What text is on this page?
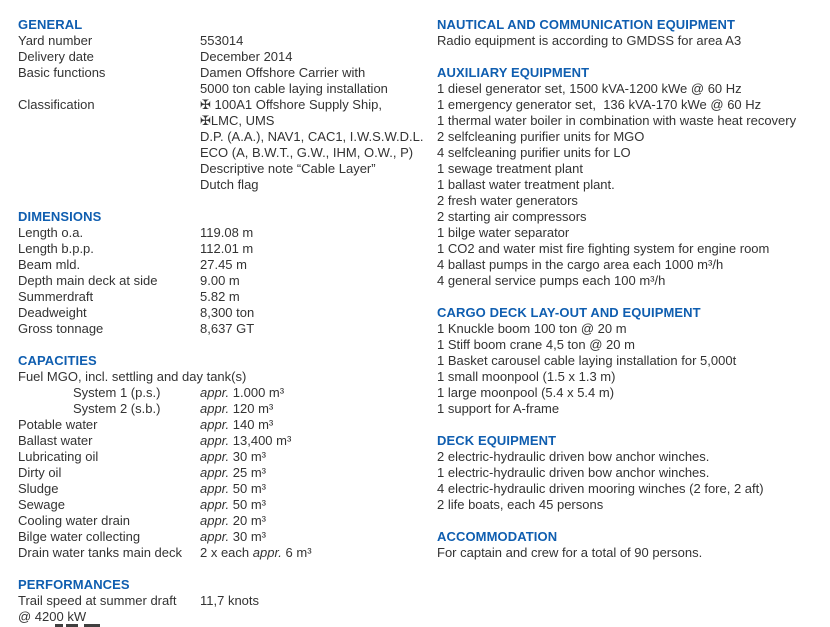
GENERAL
Yard number	553014
Delivery date	December 2014
Basic functions	Damen Offshore Carrier with
5000 ton cable laying installation
Classification	✠ 100A1 Offshore Supply Ship,
✠LMC, UMS
D.P. (A.A.), NAV1, CAC1, I.W.S.W.D.L.
ECO (A, B.W.T., G.W., IHM, O.W., P)
Descriptive note “Cable Layer”
Dutch flag
DIMENSIONS
Length o.a.	119.08 m
Length b.p.p.	112.01 m
Beam mld.	27.45 m
Depth main deck at side	9.00 m
Summerdraft	5.82 m
Deadweight	8,300 ton
Gross tonnage	8,637 GT
CAPACITIES
Fuel MGO, incl. settling and day tank(s)
System 1 (p.s.)	appr. 1.000 m³
System 2 (s.b.)	appr. 120 m³
Potable water	appr. 140 m³
Ballast water	appr. 13,400 m³
Lubricating oil	appr. 30 m³
Dirty oil	appr. 25 m³
Sludge	appr. 50 m³
Sewage	appr. 50 m³
Cooling water drain	appr. 20 m³
Bilge water collecting	appr. 30 m³
Drain water tanks main deck	2 x each appr. 6 m³
PERFORMANCES
Trail speed at summer draft	11,7 knots
@ 4200 kW
NAUTICAL AND COMMUNICATION EQUIPMENT
Radio equipment is according to GMDSS for area A3
AUXILIARY EQUIPMENT
1 diesel generator set, 1500 kVA-1200 kWe @ 60 Hz
1 emergency generator set,  136 kVA-170 kWe @ 60 Hz
1 thermal water boiler in combination with waste heat recovery
2 selfcleaning purifier units for MGO
4 selfcleaning purifier units for LO
1 sewage treatment plant
1 ballast water treatment plant.
2 fresh water generators
2 starting air compressors
1 bilge water separator
1 CO2 and water mist fire fighting system for engine room
4 ballast pumps in the cargo area each 1000 m³/h
4 general service pumps each 100 m³/h
CARGO DECK LAY-OUT AND EQUIPMENT
1 Knuckle boom 100 ton @ 20 m
1 Stiff boom crane 4,5 ton @ 20 m
1 Basket carousel cable laying installation for 5,000t
1 small moonpool (1.5 x 1.3 m)
1 large moonpool (5.4 x 5.4 m)
1 support for A-frame
DECK EQUIPMENT
2 electric-hydraulic driven bow anchor winches.
1 electric-hydraulic driven bow anchor winches.
4 electric-hydraulic driven mooring winches (2 fore, 2 aft)
2 life boats, each 45 persons
ACCOMMODATION
For captain and crew for a total of 90 persons.
